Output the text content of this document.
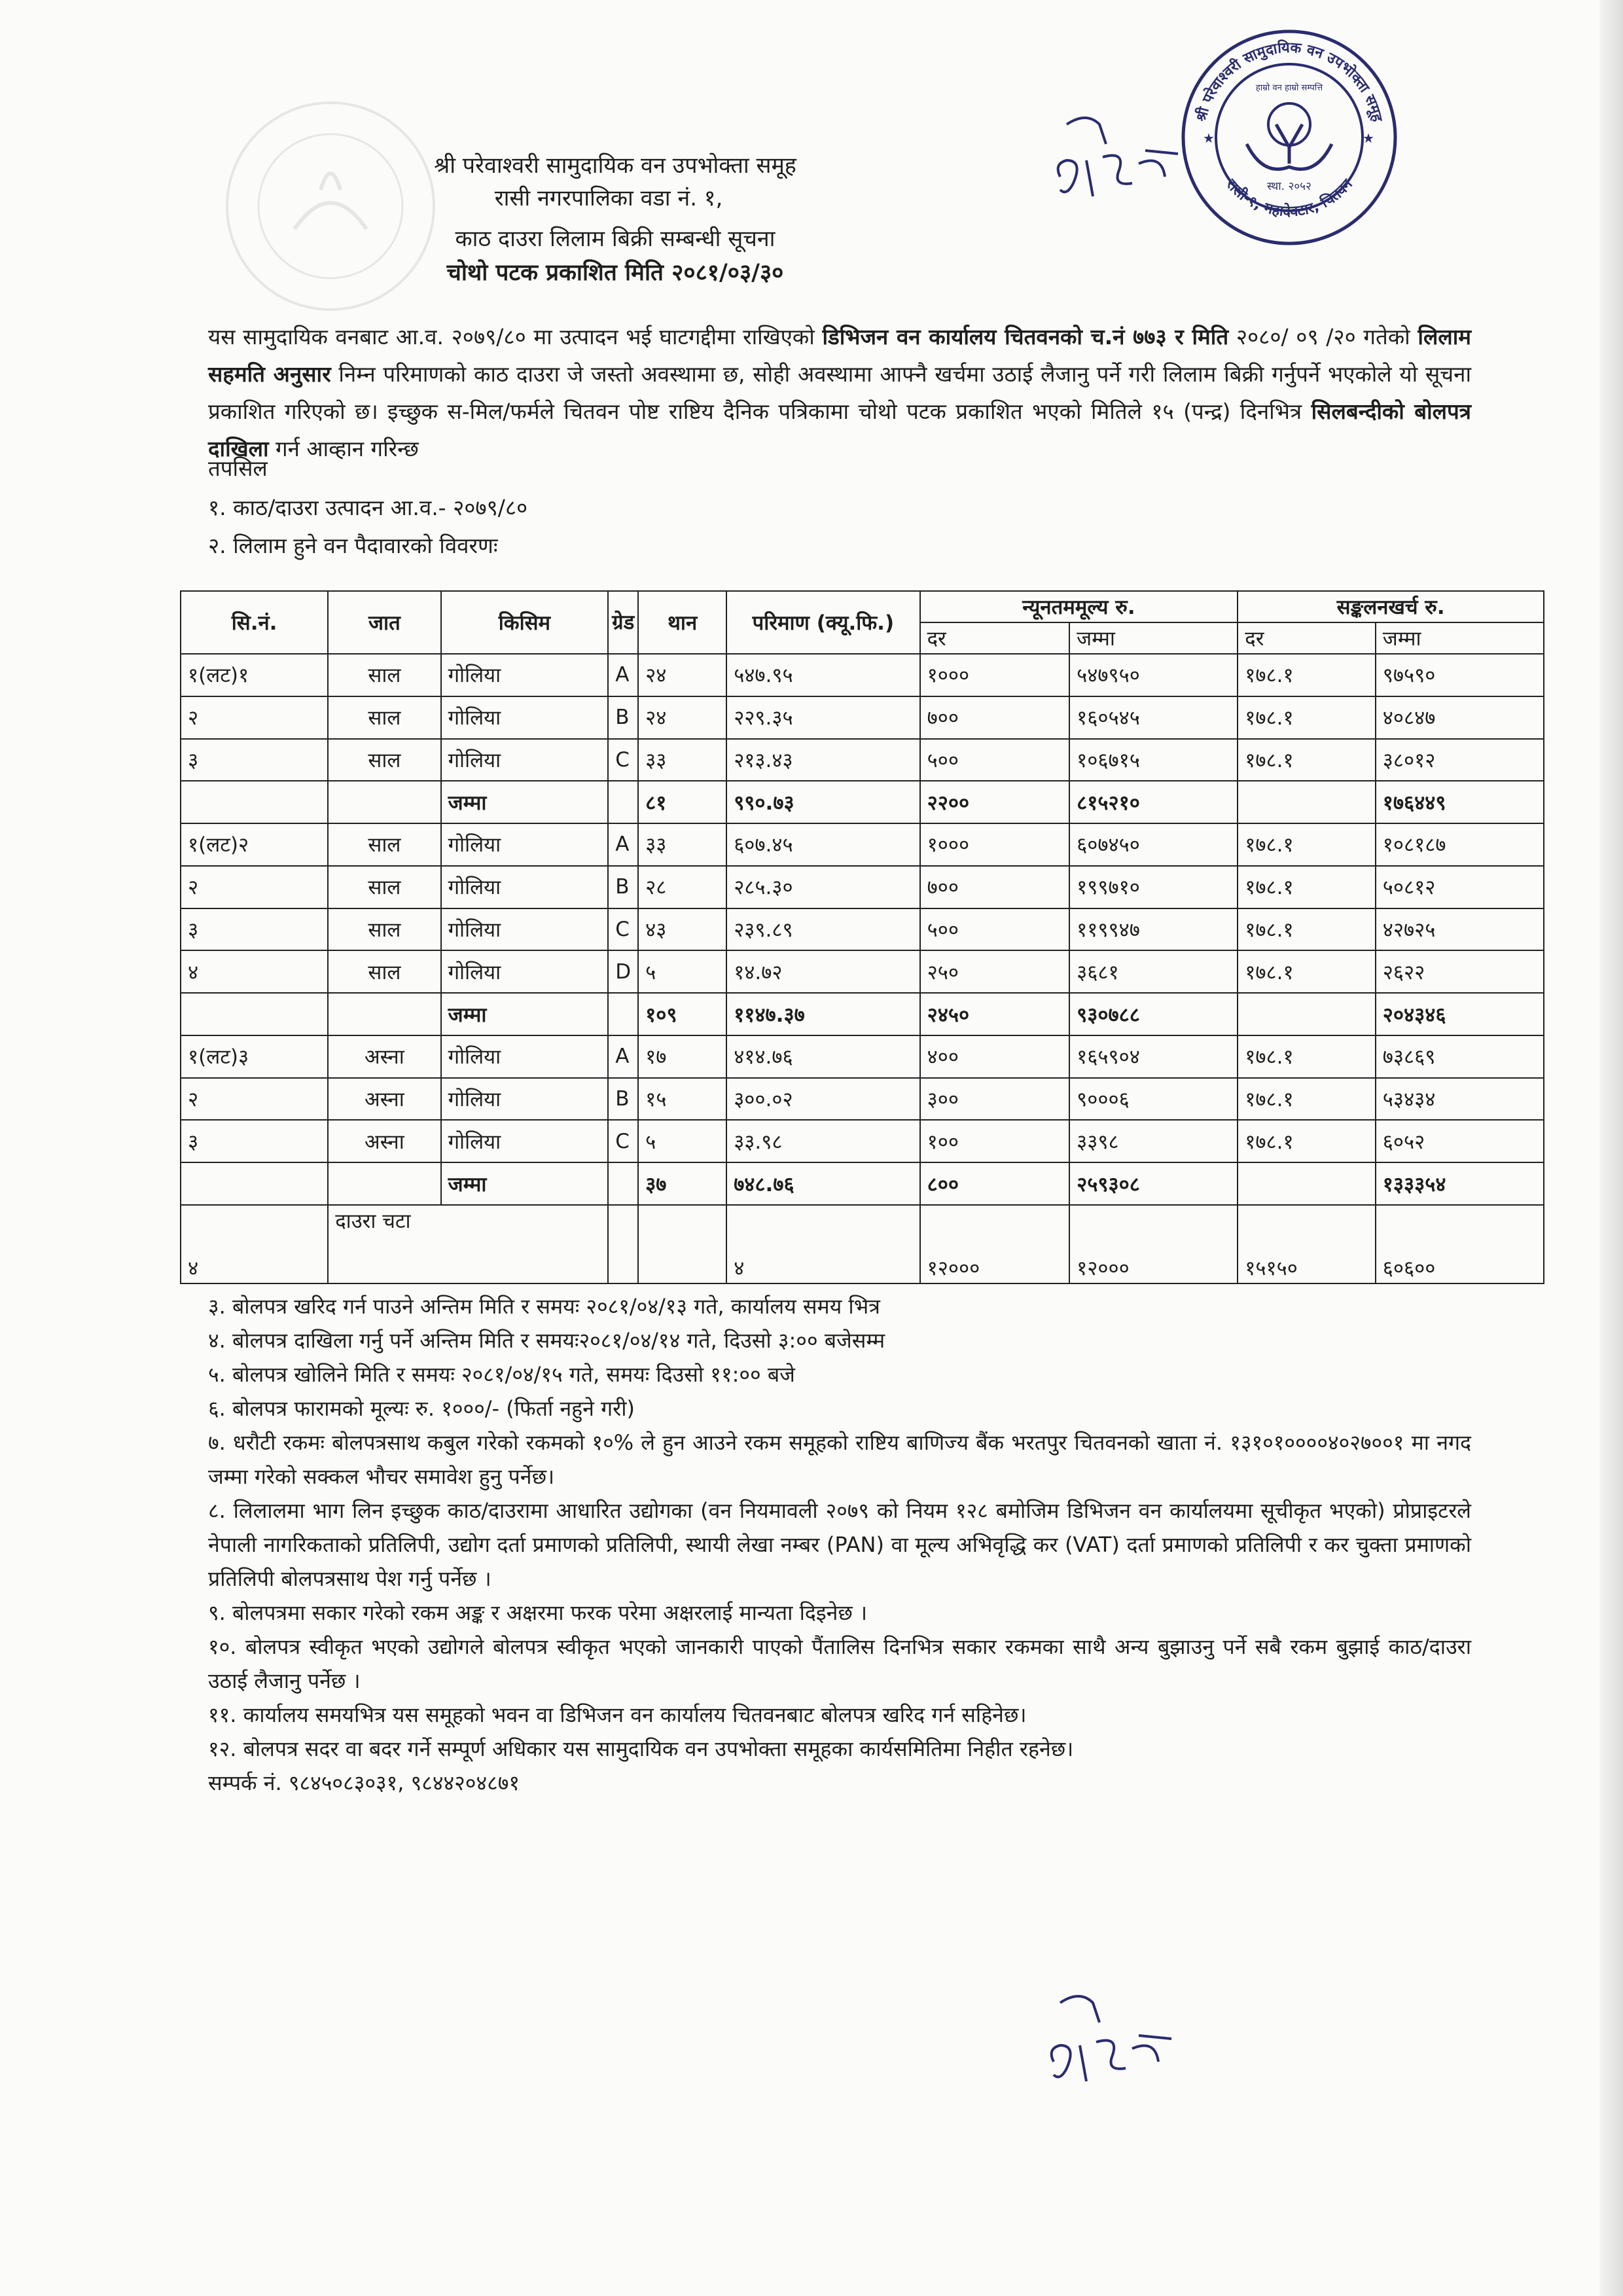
श्री परेवाश्वरी सामुदायिक वन उपभोक्ता समूह
रासी नगरपालिका वडा नं. १,
काठ दाउरा लिलाम बिक्री सम्बन्धी सूचना
चोथो पटक प्रकाशित मिति २०८१/०३/३०
श्री परेवाश्वरी सामुदायिक वन उपभोक्ता समूह
रासी-१, महादेवटार, चितवन
★	★
हाम्रो वन हाम्रो सम्पत्ति
स्था. २०५२
यस सामुदायिक वनबाट आ.व. २०७९/८० मा उत्पादन भई घाटगद्दीमा राखिएको डिभिजन वन कार्यालय चितवनको च.नं ७७३ र मिति २०८०/ ०९ /२० गतेको लिलाम सहमति अनुसार निम्न परिमाणको काठ दाउरा जे जस्तो अवस्थामा छ, सोही अवस्थामा आफ्नै खर्चमा उठाई लैजानु पर्ने गरी लिलाम बिक्री गर्नुपर्ने भएकोले यो सूचना प्रकाशित गरिएको छ। इच्छुक स-मिल/फर्मले चितवन पोष्ट राष्टिय दैनिक पत्रिकामा चोथो पटक प्रकाशित भएको मितिले १५ (पन्द्र) दिनभित्र सिलबन्दीको बोलपत्र दाखिला गर्न आव्हान गरिन्छ
तपसिल
१. काठ/दाउरा उत्पादन आ.व.- २०७९/८०
२. लिलाम हुने वन पैदावारको विवरणः
सि.नं.	जात	किसिम	ग्रेड	थान	परिमाण (क्यू.फि.)	न्यूनतममूल्य रु.		सङ्कलनखर्च रु.	
						दर	जम्मा	दर	जम्मा
१(लट)१	साल	गोलिया	A	२४	५४७.९५	१०००	५४७९५०	१७८.१	९७५९०
२	साल	गोलिया	B	२४	२२९.३५	७००	१६०५४५	१७८.१	४०८४७
३	साल	गोलिया	C	३३	२१३.४३	५००	१०६७१५	१७८.१	३८०१२
		जम्मा		८१	९९०.७३	२२००	८१५२१०		१७६४४९
१(लट)२	साल	गोलिया	A	३३	६०७.४५	१०००	६०७४५०	१७८.१	१०८१८७
२	साल	गोलिया	B	२८	२८५.३०	७००	१९९७१०	१७८.१	५०८१२
३	साल	गोलिया	C	४३	२३९.८९	५००	११९९४७	१७८.१	४२७२५
४	साल	गोलिया	D	५	१४.७२	२५०	३६८१	१७८.१	२६२२
		जम्मा		१०९	११४७.३७	२४५०	९३०७८८		२०४३४६
१(लट)३	अस्ना	गोलिया	A	१७	४१४.७६	४००	१६५९०४	१७८.१	७३८६९
२	अस्ना	गोलिया	B	१५	३००.०२	३००	९०००६	१७८.१	५३४३४
३	अस्ना	गोलिया	C	५	३३.९८	१००	३३९८	१७८.१	६०५२
		जम्मा		३७	७४८.७६	८००	२५९३०८		१३३३५४
४	दाउरा चटा				४	१२०००	१२०००	१५१५०	६०६००

३. बोलपत्र खरिद गर्न पाउने अन्तिम मिति र समयः २०८१/०४/१३ गते, कार्यालय समय भित्र

४. बोलपत्र दाखिला गर्नु पर्ने अन्तिम मिति र समयः२०८१/०४/१४ गते, दिउसो ३:०० बजेसम्म

५. बोलपत्र खोलिने मिति र समयः २०८१/०४/१५ गते, समयः दिउसो ११:०० बजे

६. बोलपत्र फारामको मूल्यः रु. १०००/- (फिर्ता नहुने गरी)

७. धरौटी रकमः बोलपत्रसाथ कबुल गरेको रकमको १०% ले हुन आउने रकम समूहको राष्टिय बाणिज्य बैंक भरतपुर चितवनको खाता नं. १३१०१००००४०२७००१ मा नगद जम्मा गरेको सक्कल भौचर समावेश हुनु पर्नेछ।

८. लिलालमा भाग लिन इच्छुक काठ/दाउरामा आधारित उद्योगका (वन नियमावली २०७९ को नियम १२८ बमोजिम डिभिजन वन कार्यालयमा सूचीकृत भएको) प्रोप्राइटरले नेपाली नागरिकताको प्रतिलिपी, उद्योग दर्ता प्रमाणको प्रतिलिपी, स्थायी लेखा नम्बर (PAN) वा मूल्य अभिवृद्धि कर (VAT) दर्ता प्रमाणको प्रतिलिपी र कर चुक्ता प्रमाणको प्रतिलिपी बोलपत्रसाथ पेश गर्नु पर्नेछ ।

९. बोलपत्रमा सकार गरेको रकम अङ्क र अक्षरमा फरक परेमा अक्षरलाई मान्यता दिइनेछ ।

१०. बोलपत्र स्वीकृत भएको उद्योगले बोलपत्र स्वीकृत भएको जानकारी पाएको पैंतालिस दिनभित्र सकार रकमका साथै अन्य बुझाउनु पर्ने सबै रकम बुझाई काठ/दाउरा उठाई लैजानु पर्नेछ ।

११. कार्यालय समयभित्र यस समूहको भवन वा डिभिजन वन कार्यालय चितवनबाट बोलपत्र खरिद गर्न सहिनेछ।

१२. बोलपत्र सदर वा बदर गर्ने सम्पूर्ण अधिकार यस सामुदायिक वन उपभोक्ता समूहका कार्यसमितिमा निहीत रहनेछ।

सम्पर्क नं. ९८४५०८३०३१, ९८४४२०४८७१
